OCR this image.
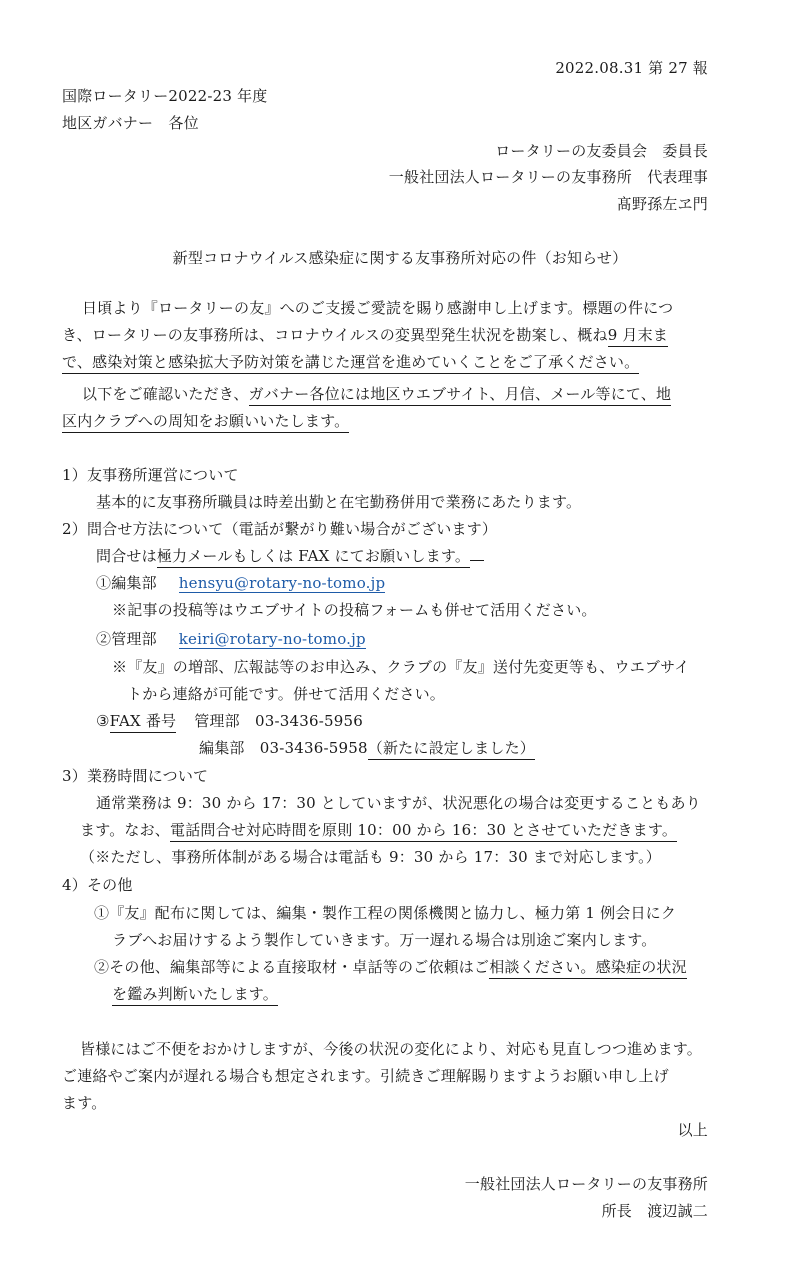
2022.08.31 第 27 報
国際ロータリー2022-23 年度
地区ガバナー　各位
ロータリーの友委員会　委員長
一般社団法人ロータリーの友事務所　代表理事
髙野孫左ヱ門
新型コロナウイルス感染症に関する友事務所対応の件（お知らせ）
日頃より『ロータリーの友』へのご支援ご愛読を賜り感謝申し上げます。標題の件につ
き、ロータリーの友事務所は、コロナウイルスの変異型発生状況を勘案し、概ね9 月末ま
で、感染対策と感染拡大予防対策を講じた運営を進めていくことをご了承ください。
以下をご確認いただき、ガバナー各位には地区ウエブサイト、月信、メール等にて、地
区内クラブへの周知をお願いいたします。
1）友事務所運営について
基本的に友事務所職員は時差出勤と在宅勤務併用で業務にあたります。
2）問合せ方法について（電話が繋がり難い場合がございます）
問合せは極力メールもしくは FAX にてお願いします。
①編集部 hensyu@rotary-no-tomo.jp
※記事の投稿等はウエブサイトの投稿フォームも併せて活用ください。
②管理部 keiri@rotary-no-tomo.jp
※『友』の増部、広報誌等のお申込み、クラブの『友』送付先変更等も、ウエブサイ
トから連絡が可能です。併せて活用ください。
③FAX 番号 管理部　03-3436-5956
編集部　03-3436-5958（新たに設定しました）
3）業務時間について
通常業務は 9：30 から 17：30 としていますが、状況悪化の場合は変更することもあり
ます。なお、電話問合せ対応時間を原則 10：00 から 16：30 とさせていただきます。
（※ただし、事務所体制がある場合は電話も 9：30 から 17：30 まで対応します。）
4）その他
①『友』配布に関しては、編集・製作工程の関係機関と協力し、極力第 1 例会日にク
ラブへお届けするよう製作していきます。万一遅れる場合は別途ご案内します。
②その他、編集部等による直接取材・卓話等のご依頼はご相談ください。感染症の状況
を鑑み判断いたします。
皆様にはご不便をおかけしますが、今後の状況の変化により、対応も見直しつつ進めます。
ご連絡やご案内が遅れる場合も想定されます。引続きご理解賜りますようお願い申し上げ
ます。
以上
一般社団法人ロータリーの友事務所
所長　渡辺誠二
